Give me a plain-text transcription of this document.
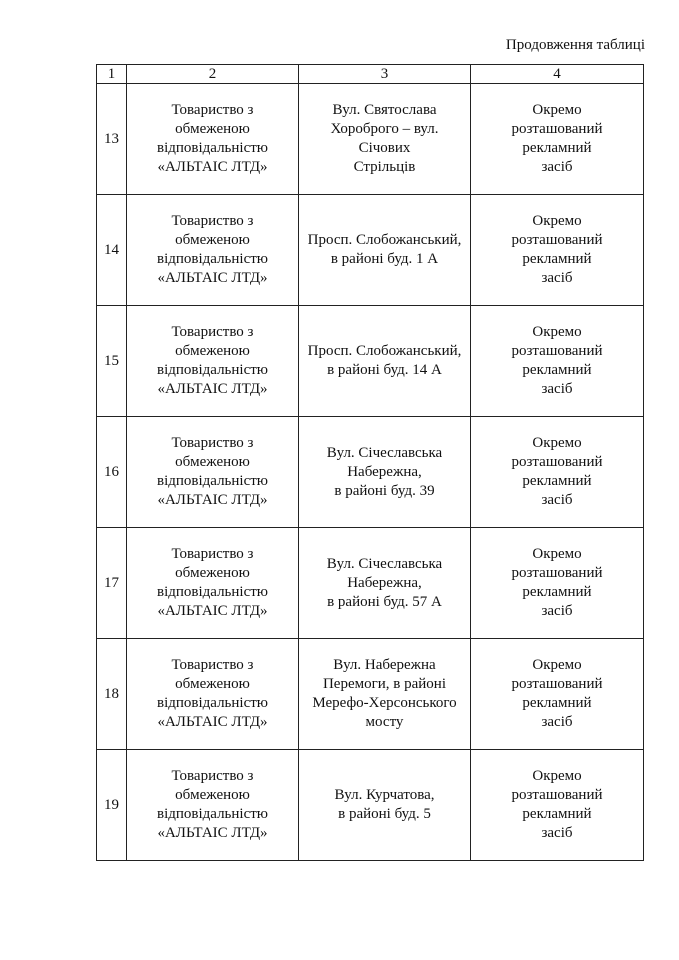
Продовження таблиці
1	2	3	4
13	Товариство з обмеженою
відповідальністю
«АЛЬТАІС ЛТД»	Вул. Святослава
Хороброго – вул. Січових
Стрільців	Окремо
розташований
рекламний
засіб
14	Товариство з обмеженою
відповідальністю
«АЛЬТАІС ЛТД»	Просп. Слобожанський,
в районі буд. 1 А	Окремо
розташований
рекламний
засіб
15	Товариство з обмеженою
відповідальністю
«АЛЬТАІС ЛТД»	Просп. Слобожанський,
в районі буд. 14 А	Окремо
розташований
рекламний
засіб
16	Товариство з обмеженою
відповідальністю
«АЛЬТАІС ЛТД»	Вул. Січеславська
Набережна,
в районі буд. 39	Окремо
розташований
рекламний
засіб
17	Товариство з обмеженою
відповідальністю
«АЛЬТАІС ЛТД»	Вул. Січеславська
Набережна,
в районі буд. 57 А	Окремо
розташований
рекламний
засіб
18	Товариство з обмеженою
відповідальністю
«АЛЬТАІС ЛТД»	Вул. Набережна
Перемоги, в районі
Мерефо-Херсонського
мосту	Окремо
розташований
рекламний
засіб
19	Товариство з обмеженою
відповідальністю
«АЛЬТАІС ЛТД»	Вул. Курчатова,
в районі буд. 5	Окремо
розташований
рекламний
засіб
